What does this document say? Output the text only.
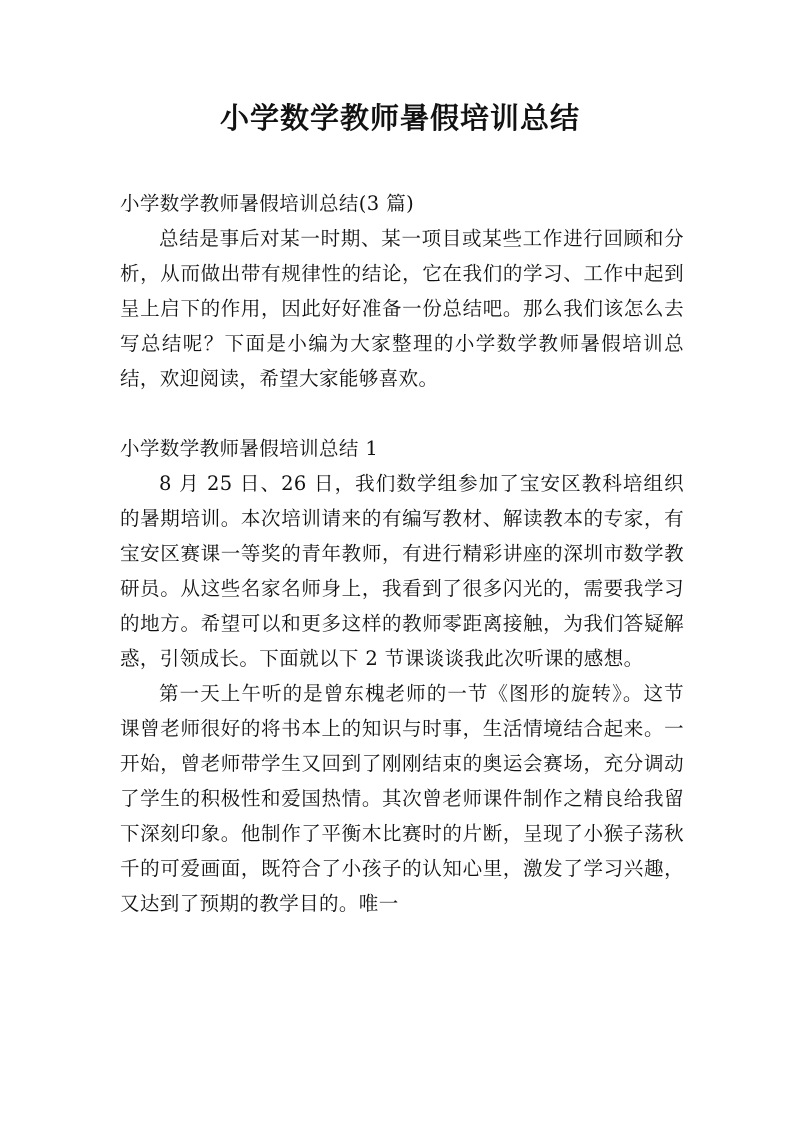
小学数学教师暑假培训总结

小学数学教师暑假培训总结(3 篇)

总结是事后对某一时期、某一项目或某些工作进行回顾和分析，从而做出带有规律性的结论，它在我们的学习、工作中起到呈上启下的作用，因此好好准备一份总结吧。那么我们该怎么去写总结呢？下面是小编为大家整理的小学数学教师暑假培训总结，欢迎阅读，希望大家能够喜欢。

小学数学教师暑假培训总结 1

8 月 25 日、26 日，我们数学组参加了宝安区教科培组织的暑期培训。本次培训请来的有编写教材、解读教本的专家，有宝安区赛课一等奖的青年教师，有进行精彩讲座的深圳市数学教研员。从这些名家名师身上，我看到了很多闪光的，需要我学习的地方。希望可以和更多这样的教师零距离接触，为我们答疑解惑，引领成长。下面就以下 2 节课谈谈我此次听课的感想。

第一天上午听的是曾东槐老师的一节《图形的旋转》。这节课曾老师很好的将书本上的知识与时事，生活情境结合起来。一开始，曾老师带学生又回到了刚刚结束的奥运会赛场，充分调动了学生的积极性和爱国热情。其次曾老师课件制作之精良给我留下深刻印象。他制作了平衡木比赛时的片断，呈现了小猴子荡秋千的可爱画面，既符合了小孩子的认知心里，激发了学习兴趣，又达到了预期的教学目的。唯一
